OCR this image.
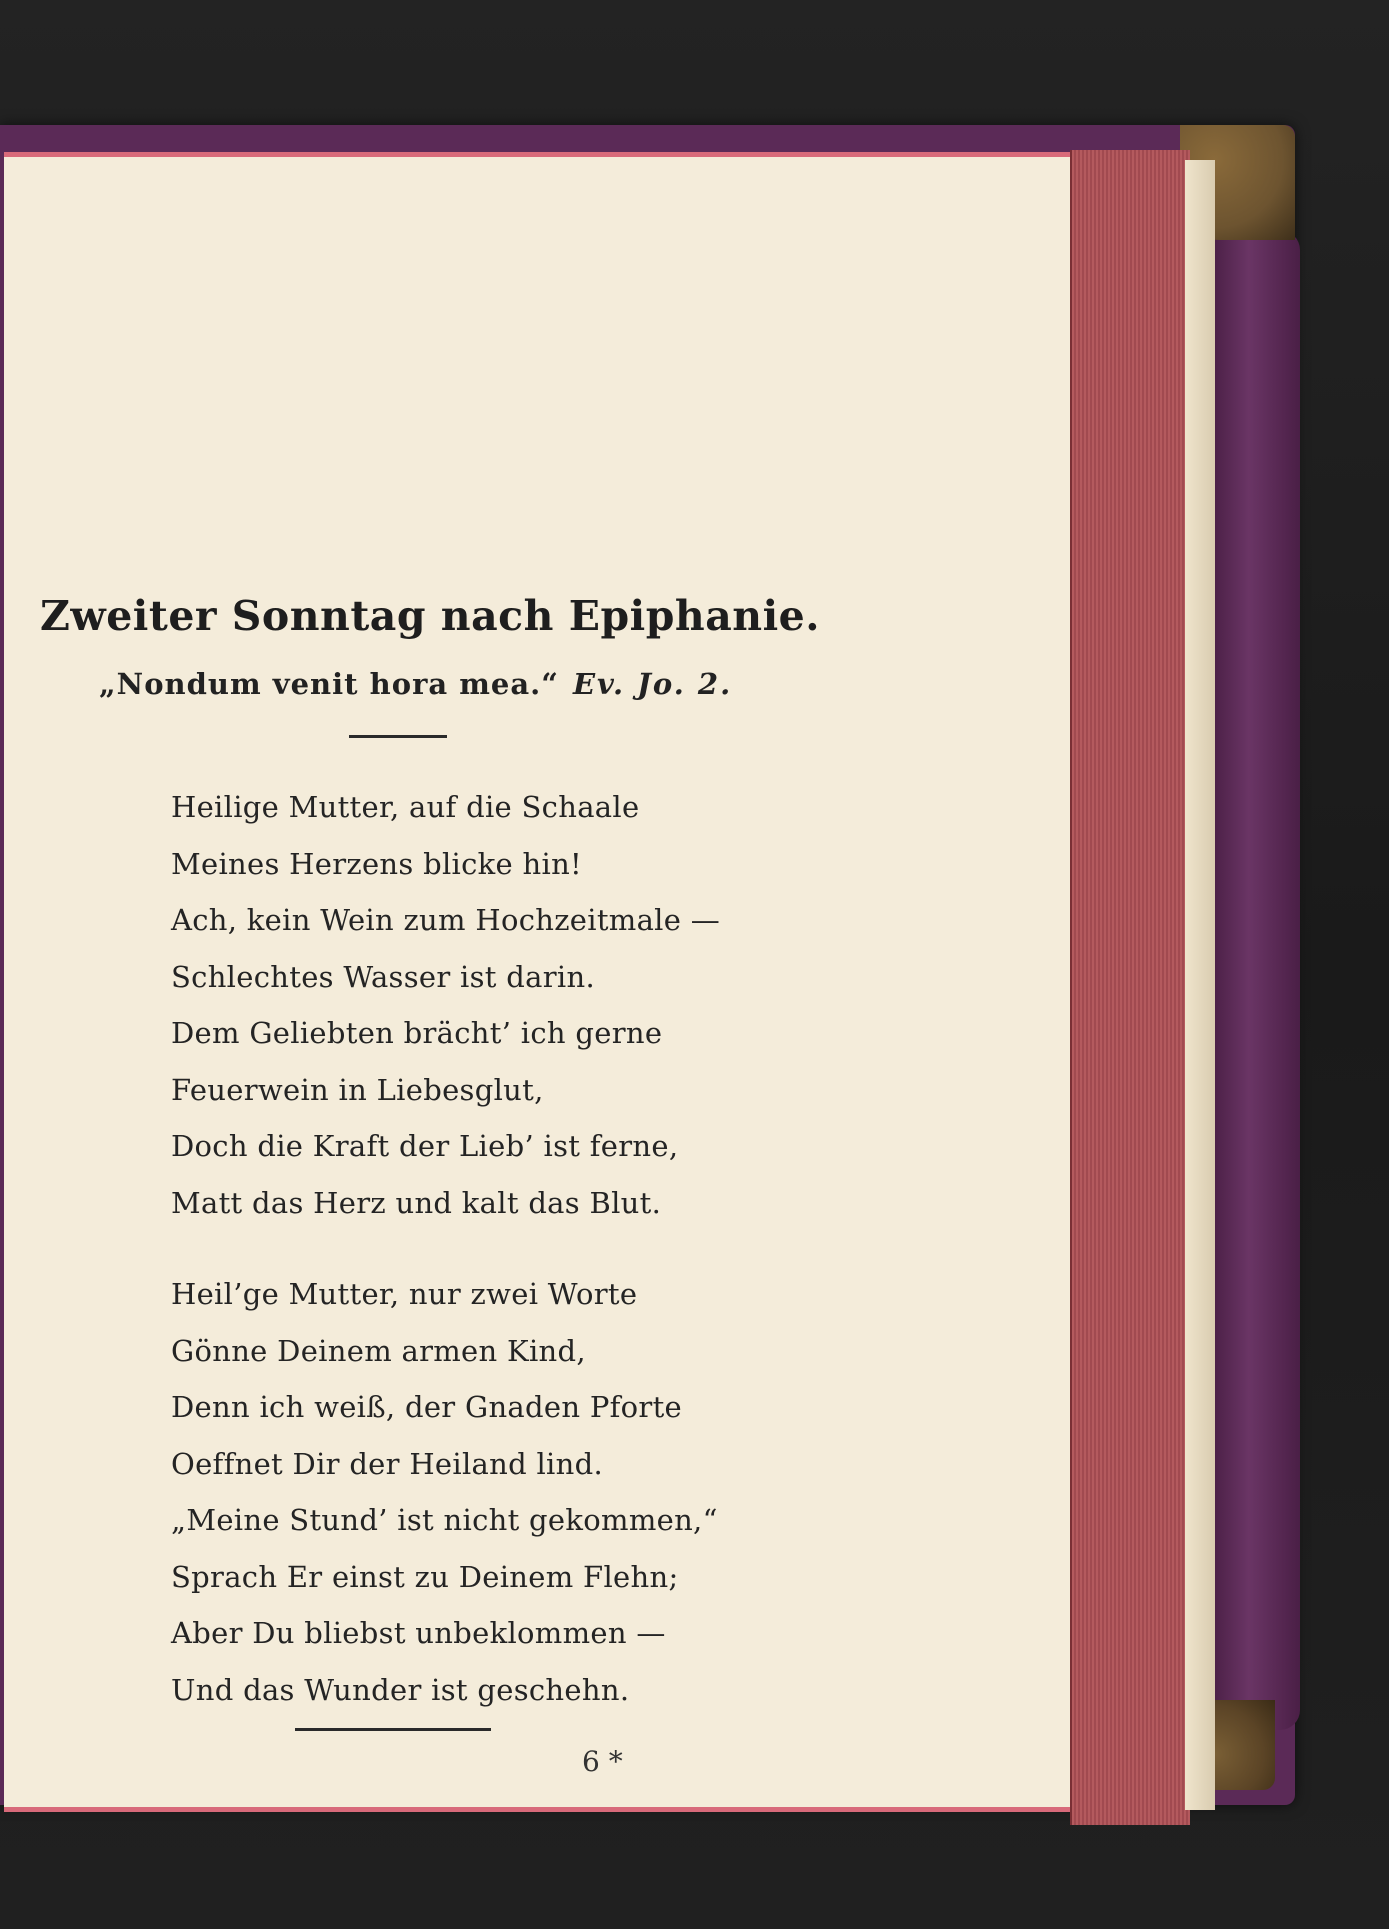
Zweiter Sonntag nach Epiphanie.
„Nondum venit hora mea.“ Ev. Jo. 2.
Heilige Mutter, auf die Schaale
Meines Herzens blicke hin!
Ach, kein Wein zum Hochzeitmale —
Schlechtes Wasser ist darin.
Dem Geliebten brächt’ ich gerne
Feuerwein in Liebesglut,
Doch die Kraft der Lieb’ ist ferne,
Matt das Herz und kalt das Blut.
Heil’ge Mutter, nur zwei Worte
Gönne Deinem armen Kind,
Denn ich weiß, der Gnaden Pforte
Oeffnet Dir der Heiland lind.
„Meine Stund’ ist nicht gekommen,“
Sprach Er einst zu Deinem Flehn;
Aber Du bliebst unbeklommen —
Und das Wunder ist geschehn.
6 *
